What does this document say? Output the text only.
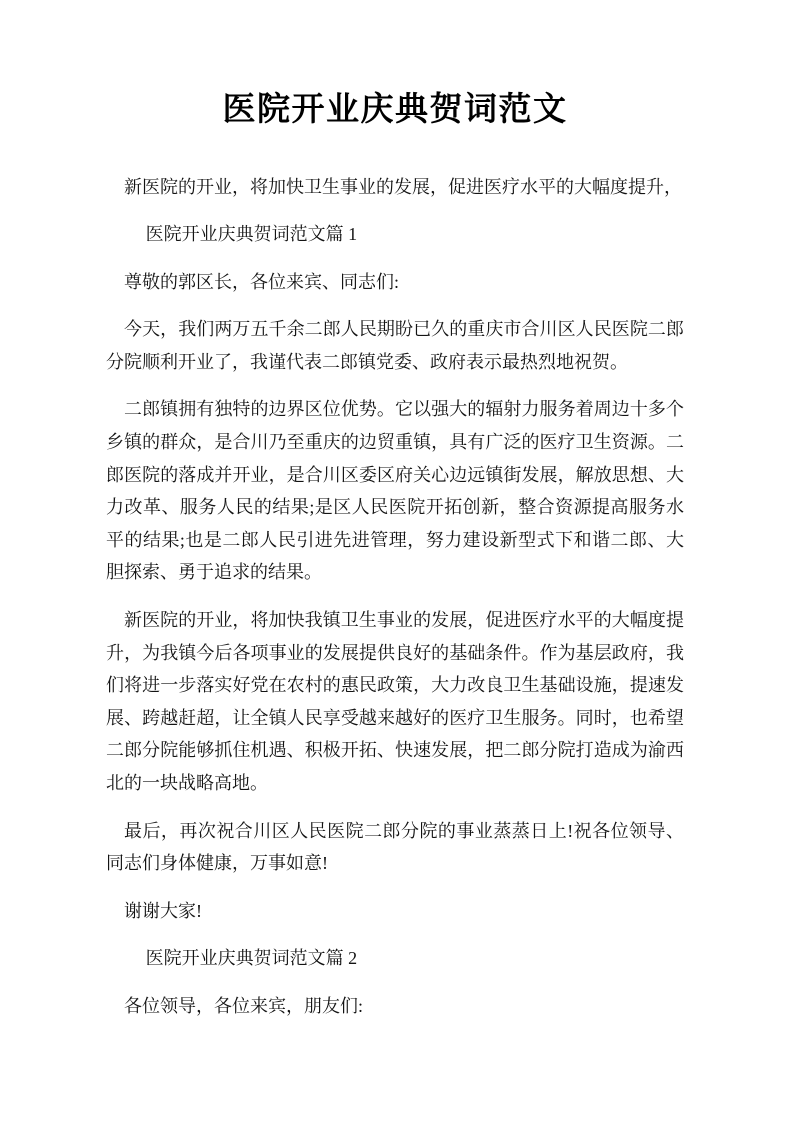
医院开业庆典贺词范文

新医院的开业，将加快卫生事业的发展，促进医疗水平的大幅度提升，

医院开业庆典贺词范文篇 1

尊敬的郭区长，各位来宾、同志们:

今天，我们两万五千余二郎人民期盼已久的重庆市合川区人民医院二郎分院顺利开业了，我谨代表二郎镇党委、政府表示最热烈地祝贺。

二郎镇拥有独特的边界区位优势。它以强大的辐射力服务着周边十多个乡镇的群众，是合川乃至重庆的边贸重镇，具有广泛的医疗卫生资源。二郎医院的落成并开业，是合川区委区府关心边远镇街发展，解放思想、大力改革、服务人民的结果;是区人民医院开拓创新，整合资源提高服务水平的结果;也是二郎人民引进先进管理，努力建设新型式下和谐二郎、大胆探索、勇于追求的结果。

新医院的开业，将加快我镇卫生事业的发展，促进医疗水平的大幅度提升，为我镇今后各项事业的发展提供良好的基础条件。作为基层政府，我们将进一步落实好党在农村的惠民政策，大力改良卫生基础设施，提速发展、跨越赶超，让全镇人民享受越来越好的医疗卫生服务。同时，也希望二郎分院能够抓住机遇、积极开拓、快速发展，把二郎分院打造成为渝西北的一块战略高地。

最后，再次祝合川区人民医院二郎分院的事业蒸蒸日上!祝各位领导、同志们身体健康，万事如意!

谢谢大家!

医院开业庆典贺词范文篇 2

各位领导，各位来宾，朋友们:
